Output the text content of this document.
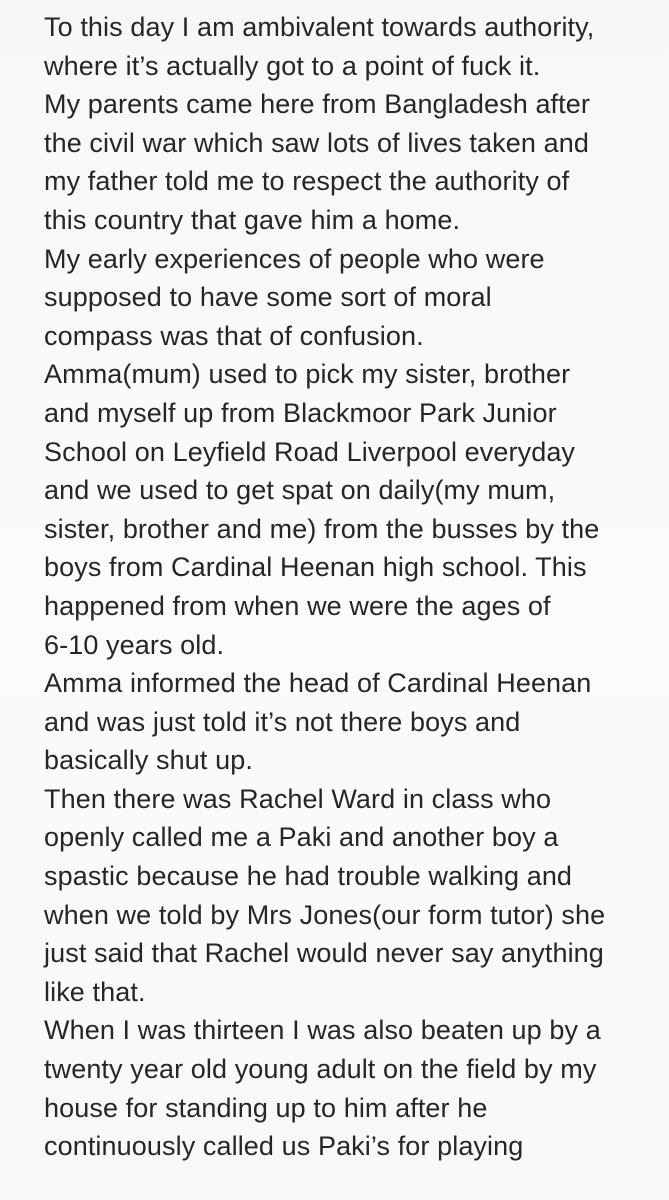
To this day I am ambivalent towards authority,
where it’s actually got to a point of fuck it.
My parents came here from Bangladesh after
the civil war which saw lots of lives taken and
my father told me to respect the authority of
this country that gave him a home.
My early experiences of people who were
supposed to have some sort of moral
compass was that of confusion.
Amma(mum) used to pick my sister, brother
and myself up from Blackmoor Park Junior
School on Leyfield Road Liverpool everyday
and we used to get spat on daily(my mum,
sister, brother and me) from the busses by the
boys from Cardinal Heenan high school. This
happened from when we were the ages of
6-10 years old.
Amma informed the head of Cardinal Heenan
and was just told it’s not there boys and
basically shut up.
Then there was Rachel Ward in class who
openly called me a Paki and another boy a
spastic because he had trouble walking and
when we told by Mrs Jones(our form tutor) she
just said that Rachel would never say anything
like that.
When I was thirteen I was also beaten up by a
twenty year old young adult on the field by my
house for standing up to him after he
continuously called us Paki’s for playing
